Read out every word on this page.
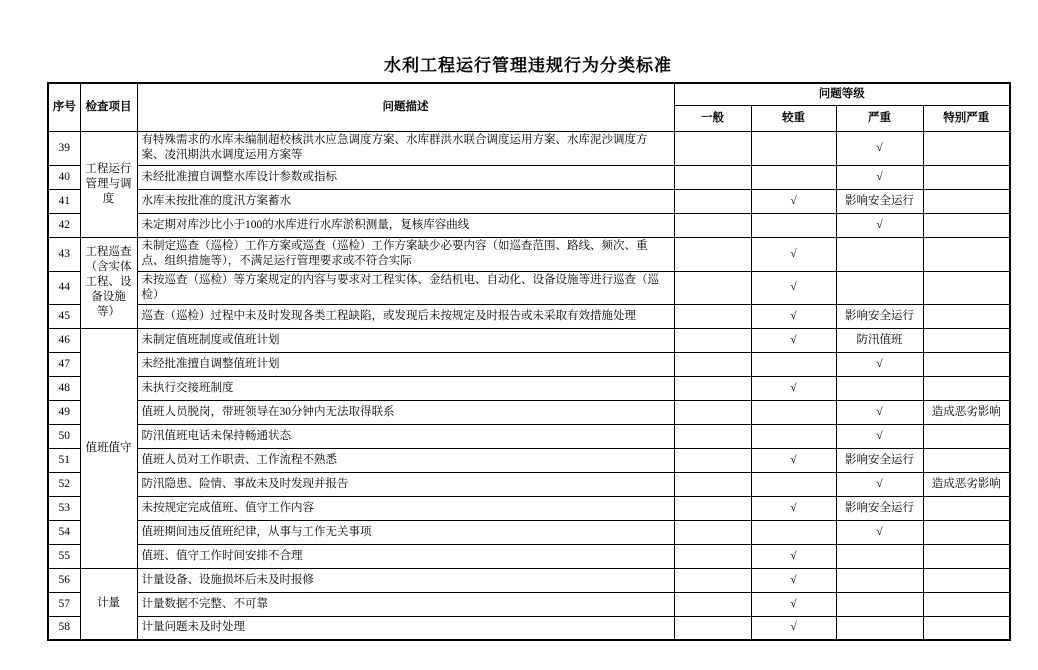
水利工程运行管理违规行为分类标准
序号	检查项目	问题描述	问题等级			
			一般	较重	严重	特别严重
39	工程运行管理与调度	有特殊需求的水库未编制超校核洪水应急调度方案、水库群洪水联合调度运用方案、水库泥沙调度方案、凌汛期洪水调度运用方案等			√	
40		未经批准擅自调整水库设计参数或指标			√	
41		水库未按批准的度汛方案蓄水		√	影响安全运行	
42		未定期对库沙比小于100的水库进行水库淤积测量，复核库容曲线			√	
43	工程巡查（含实体工程、设备设施等）	未制定巡查（巡检）工作方案或巡查（巡检）工作方案缺少必要内容（如巡查范围、路线、频次、重点、组织措施等），不满足运行管理要求或不符合实际		√		
44		未按巡查（巡检）等方案规定的内容与要求对工程实体、金结机电、自动化、设备设施等进行巡查（巡检）		√		
45		巡查（巡检）过程中未及时发现各类工程缺陷，或发现后未按规定及时报告或未采取有效措施处理		√	影响安全运行	
46	值班值守	未制定值班制度或值班计划		√	防汛值班	
47		未经批准擅自调整值班计划			√	
48		未执行交接班制度		√		
49		值班人员脱岗，带班领导在30分钟内无法取得联系			√	造成恶劣影响
50		防汛值班电话未保持畅通状态			√	
51		值班人员对工作职责、工作流程不熟悉		√	影响安全运行	
52		防汛隐患、险情、事故未及时发现并报告			√	造成恶劣影响
53		未按规定完成值班、值守工作内容		√	影响安全运行	
54		值班期间违反值班纪律，从事与工作无关事项			√	
55		值班、值守工作时间安排不合理		√		
56	计量	计量设备、设施损坏后未及时报修		√		
57		计量数据不完整、不可靠		√		
58		计量问题未及时处理		√		
